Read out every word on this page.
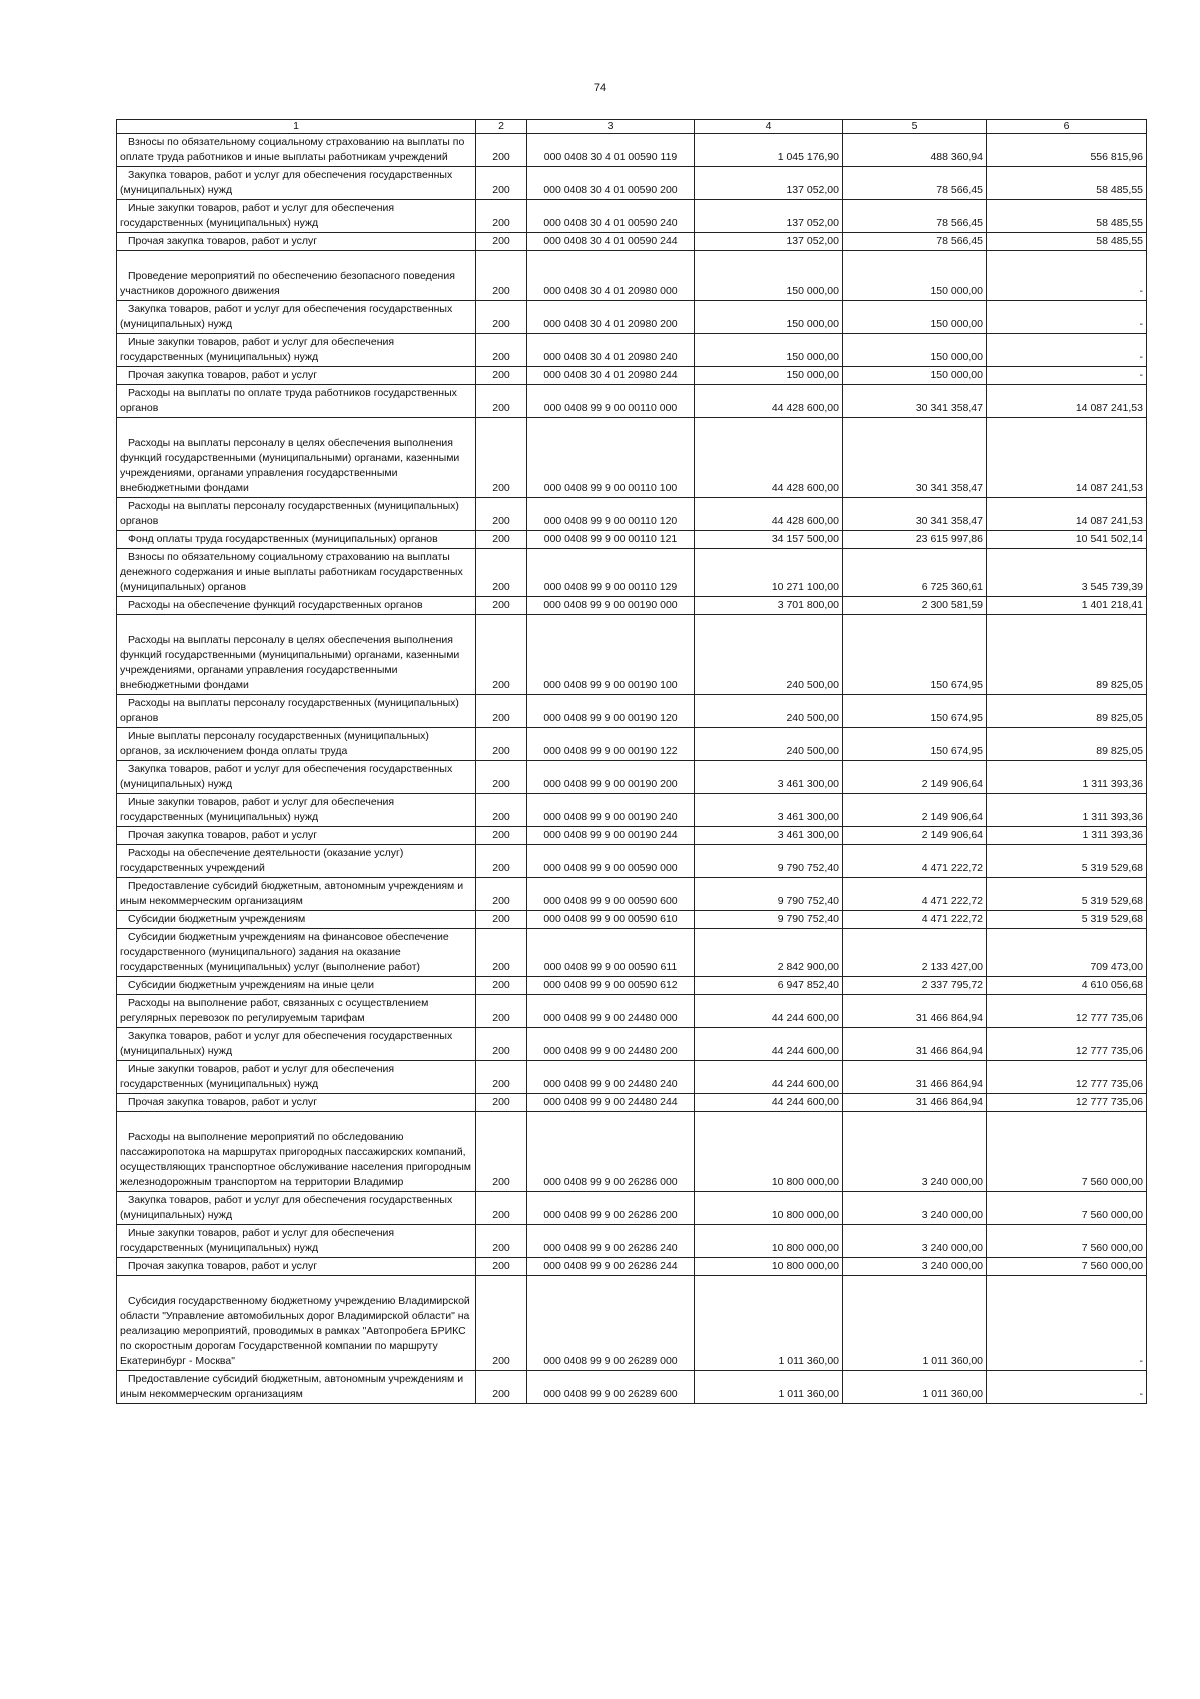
74
1	2	3	4	5	6
Взносы по обязательному социальному страхованию на выплаты по оплате труда работников и иные выплаты работникам учреждений	200	000 0408 30 4 01 00590 119	1 045 176,90	488 360,94	556 815,96
Закупка товаров, работ и услуг для обеспечения государственных (муниципальных) нужд	200	000 0408 30 4 01 00590 200	137 052,00	78 566,45	58 485,55
Иные закупки товаров, работ и услуг для обеспечения государственных (муниципальных) нужд	200	000 0408 30 4 01 00590 240	137 052,00	78 566,45	58 485,55
Прочая закупка товаров, работ и услуг	200	000 0408 30 4 01 00590 244	137 052,00	78 566,45	58 485,55
Проведение мероприятий по обеспечению безопасного поведения участников дорожного движения	200	000 0408 30 4 01 20980 000	150 000,00	150 000,00	-
Закупка товаров, работ и услуг для обеспечения государственных (муниципальных) нужд	200	000 0408 30 4 01 20980 200	150 000,00	150 000,00	-
Иные закупки товаров, работ и услуг для обеспечения государственных (муниципальных) нужд	200	000 0408 30 4 01 20980 240	150 000,00	150 000,00	-
Прочая закупка товаров, работ и услуг	200	000 0408 30 4 01 20980 244	150 000,00	150 000,00	-
Расходы на выплаты по оплате труда работников государственных органов	200	000 0408 99 9 00 00110 000	44 428 600,00	30 341 358,47	14 087 241,53
Расходы на выплаты персоналу в целях обеспечения выполнения функций государственными (муниципальными) органами, казенными учреждениями, органами управления государственными внебюджетными фондами	200	000 0408 99 9 00 00110 100	44 428 600,00	30 341 358,47	14 087 241,53
Расходы на выплаты персоналу государственных (муниципальных) органов	200	000 0408 99 9 00 00110 120	44 428 600,00	30 341 358,47	14 087 241,53
Фонд оплаты труда государственных (муниципальных) органов	200	000 0408 99 9 00 00110 121	34 157 500,00	23 615 997,86	10 541 502,14
Взносы по обязательному социальному страхованию на выплаты денежного содержания и иные выплаты работникам государственных (муниципальных) органов	200	000 0408 99 9 00 00110 129	10 271 100,00	6 725 360,61	3 545 739,39
Расходы на обеспечение функций государственных органов	200	000 0408 99 9 00 00190 000	3 701 800,00	2 300 581,59	1 401 218,41
Расходы на выплаты персоналу в целях обеспечения выполнения функций государственными (муниципальными) органами, казенными учреждениями, органами управления государственными внебюджетными фондами	200	000 0408 99 9 00 00190 100	240 500,00	150 674,95	89 825,05
Расходы на выплаты персоналу государственных (муниципальных) органов	200	000 0408 99 9 00 00190 120	240 500,00	150 674,95	89 825,05
Иные выплаты персоналу государственных (муниципальных) органов, за исключением фонда оплаты труда	200	000 0408 99 9 00 00190 122	240 500,00	150 674,95	89 825,05
Закупка товаров, работ и услуг для обеспечения государственных (муниципальных) нужд	200	000 0408 99 9 00 00190 200	3 461 300,00	2 149 906,64	1 311 393,36
Иные закупки товаров, работ и услуг для обеспечения государственных (муниципальных) нужд	200	000 0408 99 9 00 00190 240	3 461 300,00	2 149 906,64	1 311 393,36
Прочая закупка товаров, работ и услуг	200	000 0408 99 9 00 00190 244	3 461 300,00	2 149 906,64	1 311 393,36
Расходы на обеспечение деятельности (оказание услуг) государственных учреждений	200	000 0408 99 9 00 00590 000	9 790 752,40	4 471 222,72	5 319 529,68
Предоставление субсидий бюджетным, автономным учреждениям и иным некоммерческим организациям	200	000 0408 99 9 00 00590 600	9 790 752,40	4 471 222,72	5 319 529,68
Субсидии бюджетным учреждениям	200	000 0408 99 9 00 00590 610	9 790 752,40	4 471 222,72	5 319 529,68
Субсидии бюджетным учреждениям на финансовое обеспечение государственного (муниципального) задания на оказание государственных (муниципальных) услуг (выполнение работ)	200	000 0408 99 9 00 00590 611	2 842 900,00	2 133 427,00	709 473,00
Субсидии бюджетным учреждениям на иные цели	200	000 0408 99 9 00 00590 612	6 947 852,40	2 337 795,72	4 610 056,68
Расходы на выполнение работ, связанных с осуществлением регулярных перевозок по регулируемым тарифам	200	000 0408 99 9 00 24480 000	44 244 600,00	31 466 864,94	12 777 735,06
Закупка товаров, работ и услуг для обеспечения государственных (муниципальных) нужд	200	000 0408 99 9 00 24480 200	44 244 600,00	31 466 864,94	12 777 735,06
Иные закупки товаров, работ и услуг для обеспечения государственных (муниципальных) нужд	200	000 0408 99 9 00 24480 240	44 244 600,00	31 466 864,94	12 777 735,06
Прочая закупка товаров, работ и услуг	200	000 0408 99 9 00 24480 244	44 244 600,00	31 466 864,94	12 777 735,06
Расходы на выполнение мероприятий по обследованию пассажиропотока на маршрутах пригородных пассажирских компаний, осуществляющих транспортное обслуживание населения пригородным железнодорожным транспортом на территории Владимир	200	000 0408 99 9 00 26286 000	10 800 000,00	3 240 000,00	7 560 000,00
Закупка товаров, работ и услуг для обеспечения государственных (муниципальных) нужд	200	000 0408 99 9 00 26286 200	10 800 000,00	3 240 000,00	7 560 000,00
Иные закупки товаров, работ и услуг для обеспечения государственных (муниципальных) нужд	200	000 0408 99 9 00 26286 240	10 800 000,00	3 240 000,00	7 560 000,00
Прочая закупка товаров, работ и услуг	200	000 0408 99 9 00 26286 244	10 800 000,00	3 240 000,00	7 560 000,00
Субсидия государственному бюджетному учреждению Владимирской области "Управление автомобильных дорог Владимирской области" на реализацию мероприятий, проводимых в рамках "Автопробега БРИКС по скоростным дорогам Государственной компании по маршруту Екатеринбург - Москва"	200	000 0408 99 9 00 26289 000	1 011 360,00	1 011 360,00	-
Предоставление субсидий бюджетным, автономным учреждениям и иным некоммерческим организациям	200	000 0408 99 9 00 26289 600	1 011 360,00	1 011 360,00	-
